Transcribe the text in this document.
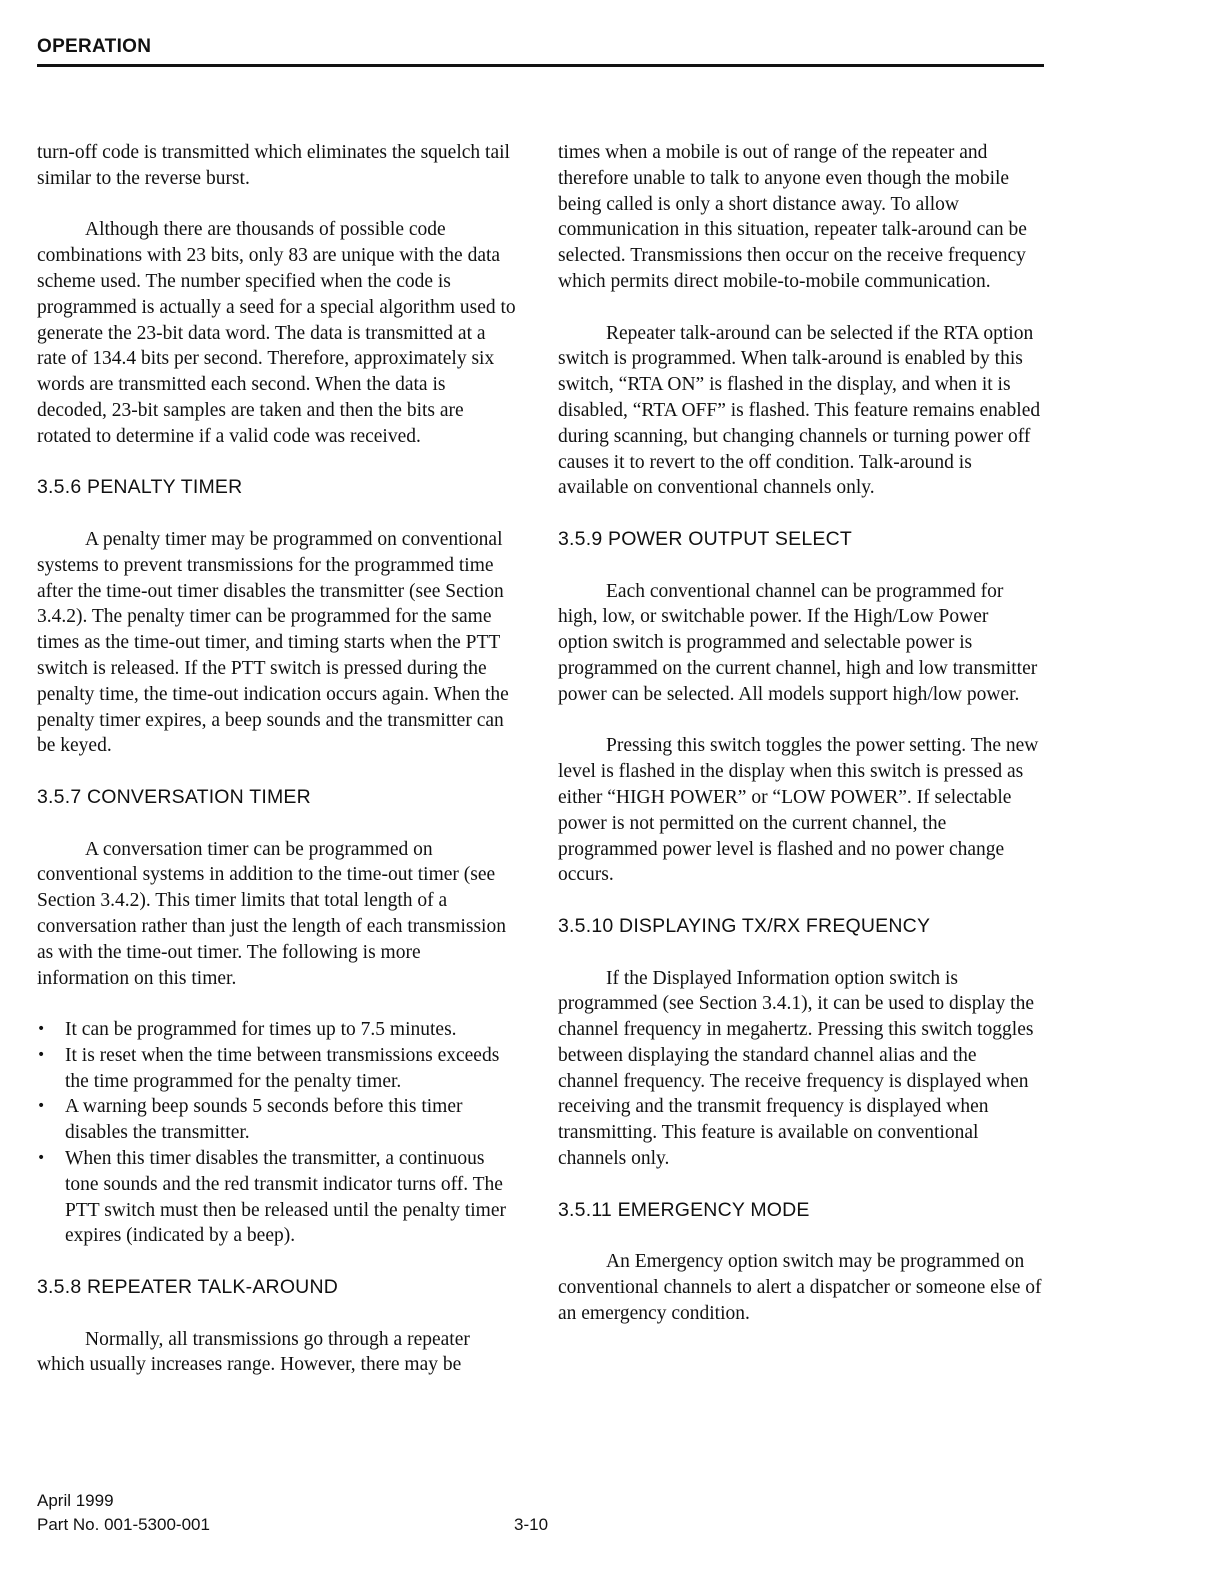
OPERATION

turn-off code is transmitted which eliminates the squelch tail similar to the reverse burst.

Although there are thousands of possible code combinations with 23 bits, only 83 are unique with the data scheme used. The number specified when the code is programmed is actually a seed for a special algorithm used to generate the 23-bit data word. The data is transmitted at a rate of 134.4 bits per second. Therefore, approximately six words are transmitted each second. When the data is decoded, 23-bit samples are taken and then the bits are rotated to determine if a valid code was received.

3.5.6 PENALTY TIMER

A penalty timer may be programmed on conventional systems to prevent transmissions for the programmed time after the time-out timer disables the transmitter (see Section 3.4.2). The penalty timer can be programmed for the same times as the time-out timer, and timing starts when the PTT switch is released. If the PTT switch is pressed during the penalty time, the time-out indication occurs again. When the penalty timer expires, a beep sounds and the transmitter can be keyed.

3.5.7 CONVERSATION TIMER

A conversation timer can be programmed on conventional systems in addition to the time-out timer (see Section 3.4.2). This timer limits that total length of a conversation rather than just the length of each transmission as with the time-out timer. The following is more information on this timer.

• It can be programmed for times up to 7.5 minutes.
• It is reset when the time between transmissions exceeds the time programmed for the penalty timer.
• A warning beep sounds 5 seconds before this timer disables the transmitter.
• When this timer disables the transmitter, a continuous tone sounds and the red transmit indicator turns off. The PTT switch must then be released until the penalty timer expires (indicated by a beep).
3.5.8 REPEATER TALK-AROUND

Normally, all transmissions go through a repeater which usually increases range. However, there may be

times when a mobile is out of range of the repeater and therefore unable to talk to anyone even though the mobile being called is only a short distance away. To allow communication in this situation, repeater talk-around can be selected. Transmissions then occur on the receive frequency which permits direct mobile-to-mobile communication.

Repeater talk-around can be selected if the RTA option switch is programmed. When talk-around is enabled by this switch, “RTA ON” is flashed in the display, and when it is disabled, “RTA OFF” is flashed. This feature remains enabled during scanning, but changing channels or turning power off causes it to revert to the off condition. Talk-around is available on conventional channels only.

3.5.9 POWER OUTPUT SELECT

Each conventional channel can be programmed for high, low, or switchable power. If the High/Low Power option switch is programmed and selectable power is programmed on the current channel, high and low transmitter power can be selected. All models support high/low power.

Pressing this switch toggles the power setting. The new level is flashed in the display when this switch is pressed as either “HIGH POWER” or “LOW POWER”. If selectable power is not permitted on the current channel, the programmed power level is flashed and no power change occurs.

3.5.10 DISPLAYING TX/RX FREQUENCY

If the Displayed Information option switch is programmed (see Section 3.4.1), it can be used to display the channel frequency in megahertz. Pressing this switch toggles between displaying the standard channel alias and the channel frequency. The receive frequency is displayed when receiving and the transmit frequency is displayed when transmitting. This feature is available on conventional channels only.

3.5.11 EMERGENCY MODE

An Emergency option switch may be programmed on conventional channels to alert a dispatcher or someone else of an emergency condition.

April 1999
Part No. 001-5300-001	3-10
